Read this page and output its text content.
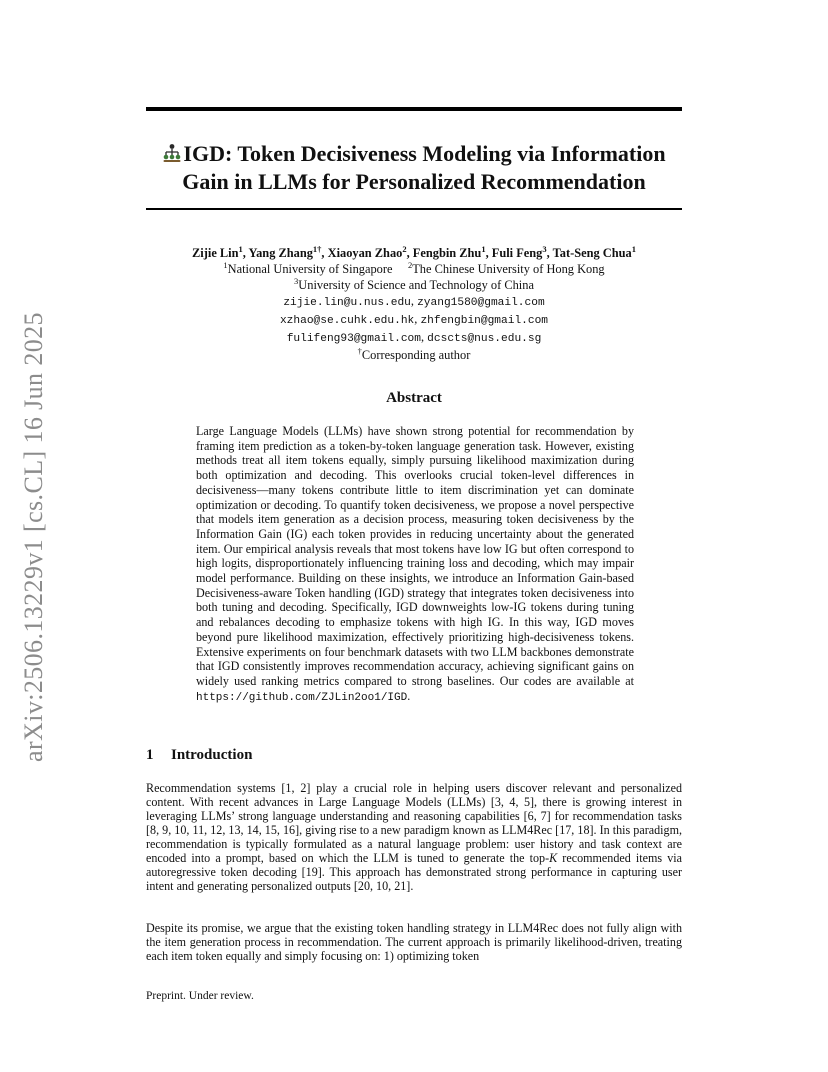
arXiv:2506.13229v1 [cs.CL] 16 Jun 2025
IGD: Token Decisiveness Modeling via Information
Gain in LLMs for Personalized Recommendation
Zijie Lin$^1$, Yang Zhang$^{1\dagger}$, Xiaoyan Zhao$^2$, Fengbin Zhu$^1$, Fuli Feng$^3$, Tat-Seng Chua$^1$
$^1$National University of Singapore $^2$The Chinese University of Hong Kong
$^3$University of Science and Technology of China
zijie.lin@u.nus.edu, zyang1580@gmail.com
xzhao@se.cuhk.edu.hk, zhfengbin@gmail.com
fulifeng93@gmail.com, dcscts@nus.edu.sg
†Corresponding author
Abstract
Large Language Models (LLMs) have shown strong potential for recommendation by framing item prediction as a token-by-token language generation task. However, existing methods treat all item tokens equally, simply pursuing likelihood maximization during both optimization and decoding. This overlooks crucial token-level differences in decisiveness—many tokens contribute little to item discrimination yet can dominate optimization or decoding. To quantify token decisiveness, we propose a novel perspective that models item generation as a decision process, measuring token decisiveness by the Information Gain (IG) each token provides in reducing uncertainty about the generated item. Our empirical analysis reveals that most tokens have low IG but often correspond to high logits, disproportionately influencing training loss and decoding, which may impair model performance. Building on these insights, we introduce an Information Gain-based Decisiveness-aware Token handling (IGD) strategy that integrates token decisiveness into both tuning and decoding. Specifically, IGD downweights low-IG tokens during tuning and rebalances decoding to emphasize tokens with high IG. In this way, IGD moves beyond pure likelihood maximization, effectively prioritizing high-decisiveness tokens. Extensive experiments on four benchmark datasets with two LLM backbones demonstrate that IGD consistently improves recommendation accuracy, achieving significant gains on widely used ranking metrics compared to strong baselines. Our codes are available at https://github.com/ZJLin2oo1/IGD.
1 Introduction
Recommendation systems [1, 2] play a crucial role in helping users discover relevant and personalized content. With recent advances in Large Language Models (LLMs) [3, 4, 5], there is growing interest in leveraging LLMs’ strong language understanding and reasoning capabilities [6, 7] for recommendation tasks [8, 9, 10, 11, 12, 13, 14, 15, 16], giving rise to a new paradigm known as LLM4Rec [17, 18]. In this paradigm, recommendation is typically formulated as a natural language problem: user history and task context are encoded into a prompt, based on which the LLM is tuned to generate the top-K recommended items via autoregressive token decoding [19]. This approach has demonstrated strong performance in capturing user intent and generating personalized outputs [20, 10, 21].
Despite its promise, we argue that the existing token handling strategy in LLM4Rec does not fully align with the item generation process in recommendation. The current approach is primarily likelihood-driven, treating each item token equally and simply focusing on: 1) optimizing token
Preprint. Under review.
